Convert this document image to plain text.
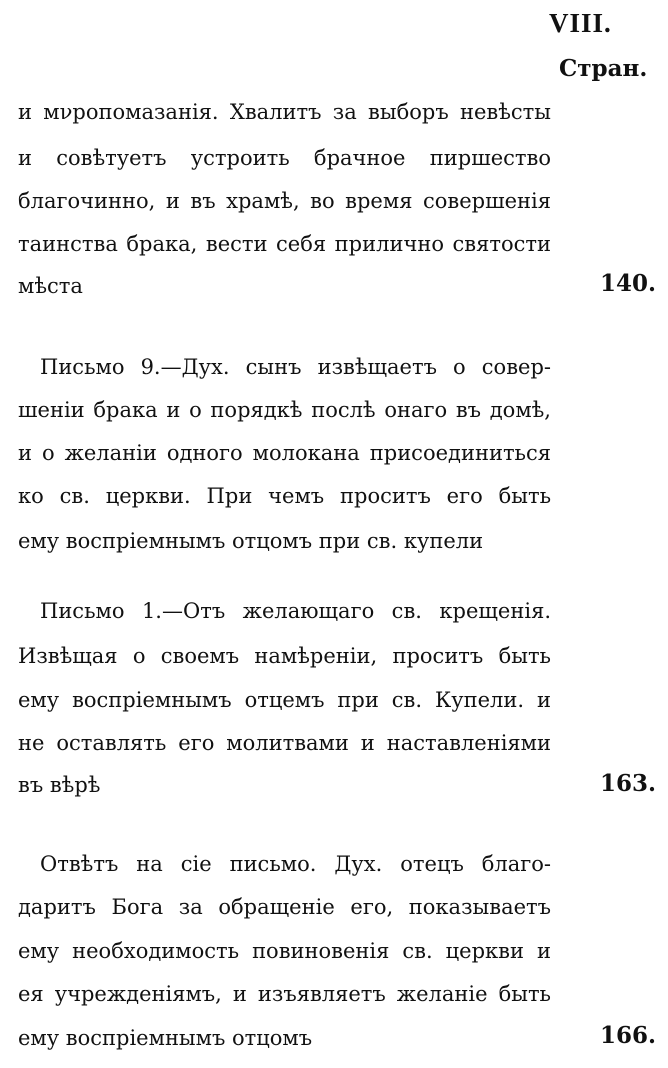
VIII.
Стран.
и мνропомазанія. Хвалитъ за выборъ невѣсты
и совѣтуетъ устроить брачное пиршество
благочинно, и въ храмѣ, во время совершенія
таинства брака, вести себя прилично святости
мѣста	140.
Письмо 9.—Дух. сынъ извѣщаетъ о совер-
шеніи брака и о порядкѣ послѣ онаго въ домѣ,
и о желаніи одного молокана присоединиться
ко св. церкви. При чемъ проситъ его быть
ему воспріемнымъ отцомъ при св. купели
Письмо 1.—Отъ желающаго св. крещенія.
Извѣщая о своемъ намѣреніи, проситъ быть
ему воспріемнымъ отцемъ при св. Купели. и
не оставлять его молитвами и наставленіями
въ вѣрѣ	163.
Отвѣтъ на сіе письмо. Дух. отецъ благо-
даритъ Бога за обращеніе его, показываетъ
ему необходимость повиновенія св. церкви и
ея учрежденіямъ, и изъявляетъ желаніе быть
ему воспріемнымъ отцомъ	166.
